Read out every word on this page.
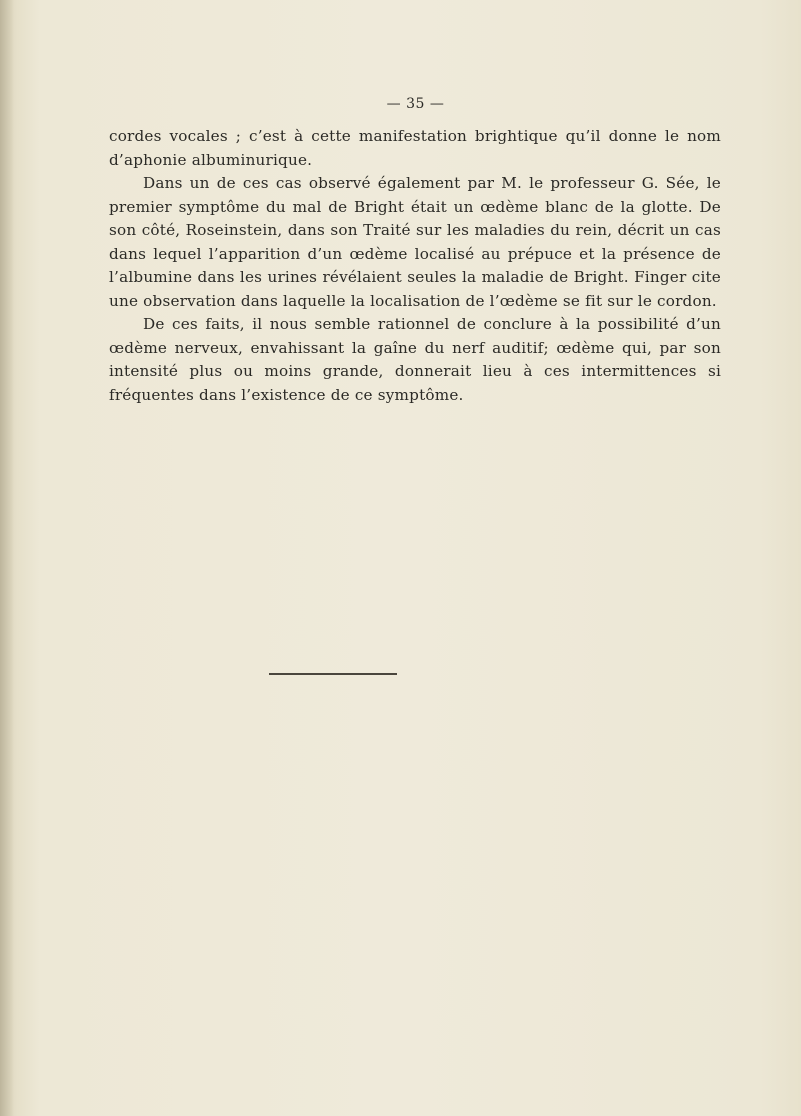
— 35 —

cordes vocales ; c’est à cette manifestation brightique qu’il donne le nom d’aphonie albuminurique.

Dans un de ces cas observé également par M. le professeur G. Sée, le premier symptôme du mal de Bright était un œdème blanc de la glotte. De son côté, Roseinstein, dans son Traité sur les maladies du rein, décrit un cas dans lequel l’apparition d’un œdème localisé au prépuce et la présence de l’albumine dans les urines révélaient seules la maladie de Bright. Finger cite une observation dans laquelle la localisation de l’œdème se fit sur le cordon.

De ces faits, il nous semble rationnel de conclure à la possibilité d’un œdème nerveux, envahissant la gaîne du nerf auditif; œdème qui, par son intensité plus ou moins grande, donnerait lieu à ces intermittences si fréquentes dans l’existence de ce symptôme.
